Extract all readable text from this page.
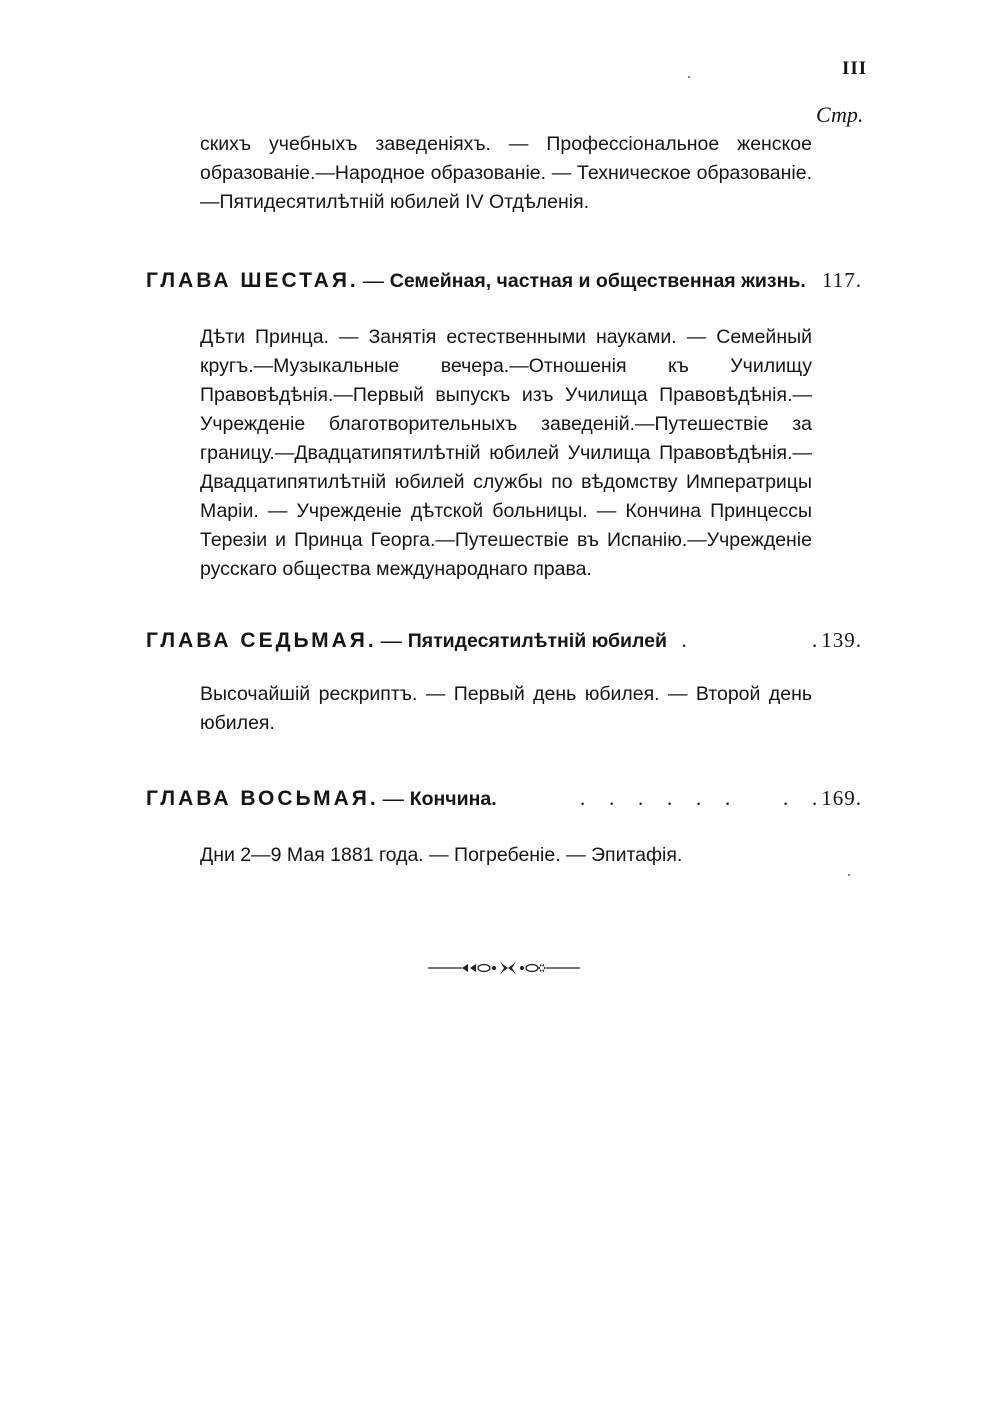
III
Стр.

скихъ учебныхъ заведенiяхъ. — Профессiональное женское образованiе.—Народное образованiе. — Техническое образованiе.—Пятидесятилѣтнiй юбилей IV Отдѣленiя.

ГЛАВА ШЕСТАЯ. — Семейная, частная и общественная жизнь. 117.

Дѣти Принца. — Занятiя естественными науками. — Семейный кругъ.—Музыкальные вечера.—Отношенiя къ Училищу Правовѣдѣнiя.—Первый выпускъ изъ Училища Правовѣдѣнiя.—Учрежденiе благотворительныхъ заведенiй.—Путешествiе за границу.—Двадцатипятилѣтнiй юбилей Училища Правовѣдѣнiя.—Двадцатипятилѣтнiй юбилей службы по вѣдомству Императрицы Марiи. — Учрежденiе дѣтской больницы. — Кончина Принцессы Терезiи и Принца Георга.—Путешествiе въ Испанiю.—Учрежденiе русскаго общества международнаго права.

ГЛАВА СЕДЬМАЯ. — Пятидесятилѣтнiй юбилей .                 . 139.

Высочайшiй рескриптъ. — Первый день юбилея. — Второй день юбилея.

ГЛАВА ВОСЬМАЯ. — Кончина.	.   .   .   .   .   .       .   . 169.

Дни 2—9 Мая 1881 года. — Погребенiе. — Эпитафiя.
